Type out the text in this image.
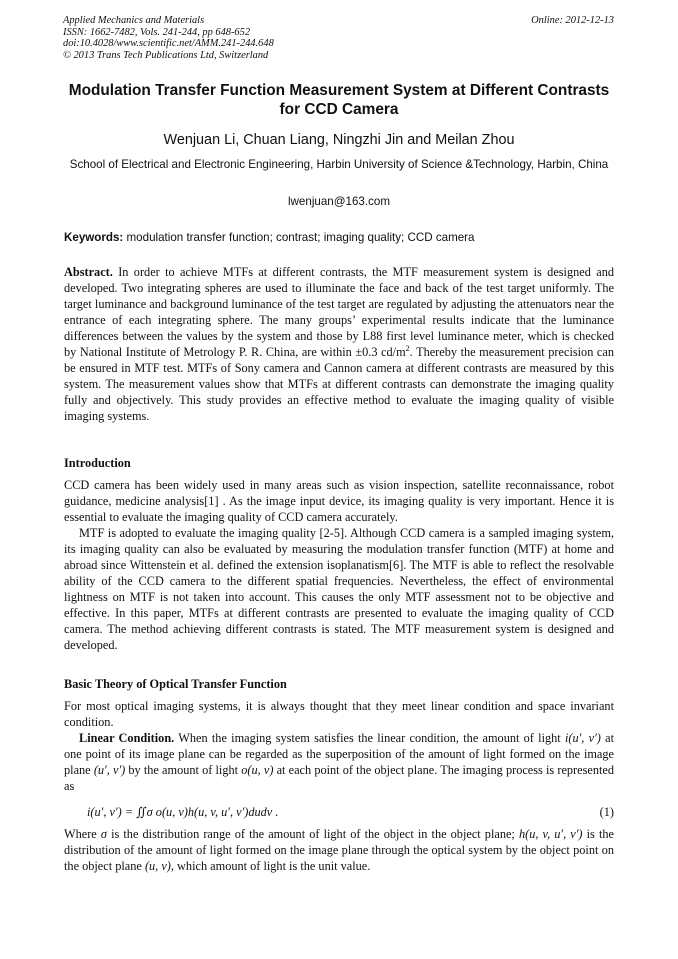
Applied Mechanics and Materials
ISSN: 1662-7482, Vols. 241-244, pp 648-652
doi:10.4028/www.scientific.net/AMM.241-244.648
© 2013 Trans Tech Publications Ltd, Switzerland
Online: 2012-12-13
Modulation Transfer Function Measurement System at Different Contrasts for CCD Camera
Wenjuan Li, Chuan Liang, Ningzhi Jin and Meilan Zhou
School of Electrical and Electronic Engineering, Harbin University of Science &Technology, Harbin, China
lwenjuan@163.com
Keywords: modulation transfer function; contrast; imaging quality; CCD camera

Abstract. In order to achieve MTFs at different contrasts, the MTF measurement system is designed and developed. Two integrating spheres are used to illuminate the face and back of the test target uniformly. The target luminance and background luminance of the test target are regulated by adjusting the attenuators near the entrance of each integrating sphere. The many groups’ experimental results indicate that the luminance differences between the values by the system and those by L88 first level luminance meter, which is checked by National Institute of Metrology P. R. China, are within ±0.3 $cd/m^2$. Thereby the measurement precision can be ensured in MTF test. MTFs of Sony camera and Cannon camera at different contrasts are measured by this system. The measurement values show that MTFs at different contrasts can demonstrate the imaging quality fully and objectively. This study provides an effective method to evaluate the imaging quality of visible imaging systems.

Introduction

CCD camera has been widely used in many areas such as vision inspection, satellite reconnaissance, robot guidance, medicine analysis[1] . As the image input device, its imaging quality is very important. Hence it is essential to evaluate the imaging quality of CCD camera accurately.

MTF is adopted to evaluate the imaging quality [2-5]. Although CCD camera is a sampled imaging system, its imaging quality can also be evaluated by measuring the modulation transfer function (MTF) at home and abroad since Wittenstein et al. defined the extension isoplanatism[6]. The MTF is able to reflect the resolvable ability of the CCD camera to the different spatial frequencies. Nevertheless, the effect of environmental lightness on MTF is not taken into account. This causes the only MTF assessment not to be objective and effective. In this paper, MTFs at different contrasts are presented to evaluate the imaging quality of CCD camera. The method achieving different contrasts is stated. The MTF measurement system is designed and developed.

Basic Theory of Optical Transfer Function

For most optical imaging systems, it is always thought that they meet linear condition and space invariant condition.

Linear Condition. When the imaging system satisfies the linear condition, the amount of light i(u′, v′) at one point of its image plane can be regarded as the superposition of the amount of light formed on the image plane (u′, v′) by the amount of light o(u, v) at each point of the object plane. The imaging process is represented as

i(u′, v′) = ∬σ o(u, v)h(u, v, u′, v′)dudv .	(1)

Where σ is the distribution range of the amount of light of the object in the object plane; h(u, v, u′, v′) is the distribution of the amount of light formed on the image plane through the optical system by the object point on the object plane (u, v), which amount of light is the unit value.
